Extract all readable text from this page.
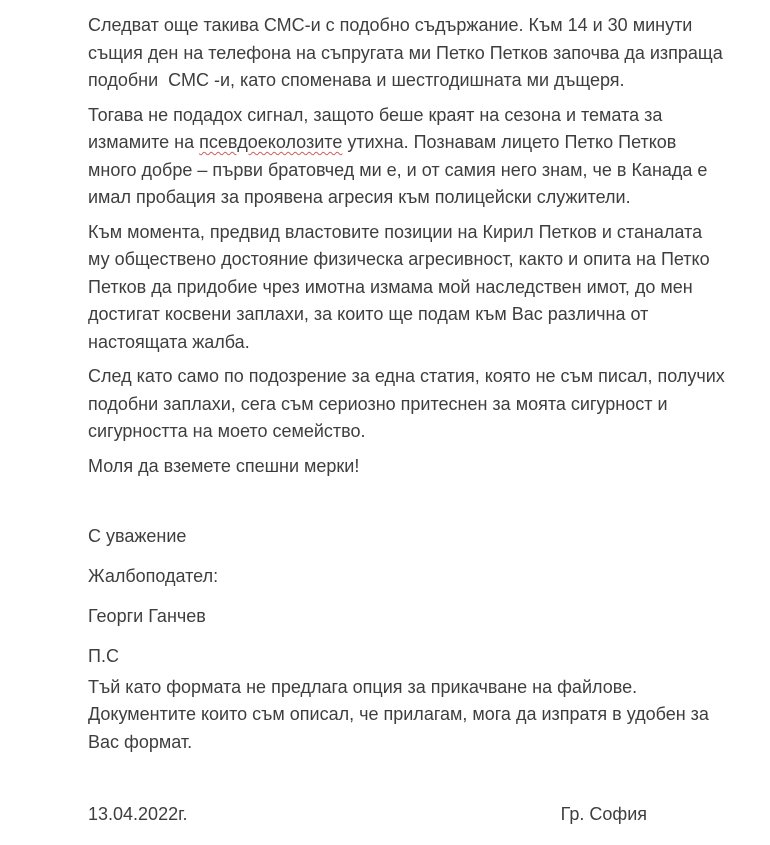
Следват още такива СМС-и с подобно съдържание. Към 14 и 30 минути
същия ден на телефона на съпругата ми Петко Петков започва да изпраща
подобни  СМС -и, като споменава и шестгодишната ми дъщеря.
Тогава не подадох сигнал, защото беше краят на сезона и темата за
измамите на псевдоеколозите утихна. Познавам лицето Петко Петков
много добре – първи братовчед ми е, и от самия него знам, че в Канада е
имал пробация за проявена агресия към полицейски служители.
Към момента, предвид властовите позиции на Кирил Петков и станалата
му обществено достояние физическа агресивност, както и опита на Петко
Петков да придобие чрез имотна измама мой наследствен имот, до мен
достигат косвени заплахи, за които ще подам към Вас различна от
настоящата жалба.
След като само по подозрение за една статия, която не съм писал, получих
подобни заплахи, сега съм сериозно притеснен за моята сигурност и
сигурността на моето семейство.
Моля да вземете спешни мерки!
С уважение
Жалбоподател:
Георги Ганчев
П.С
Тъй като формата не предлага опция за прикачване на файлове.
Документите които съм описал, че прилагам, мога да изпратя в удобен за
Вас формат.
13.04.2022г.	Гр. София
